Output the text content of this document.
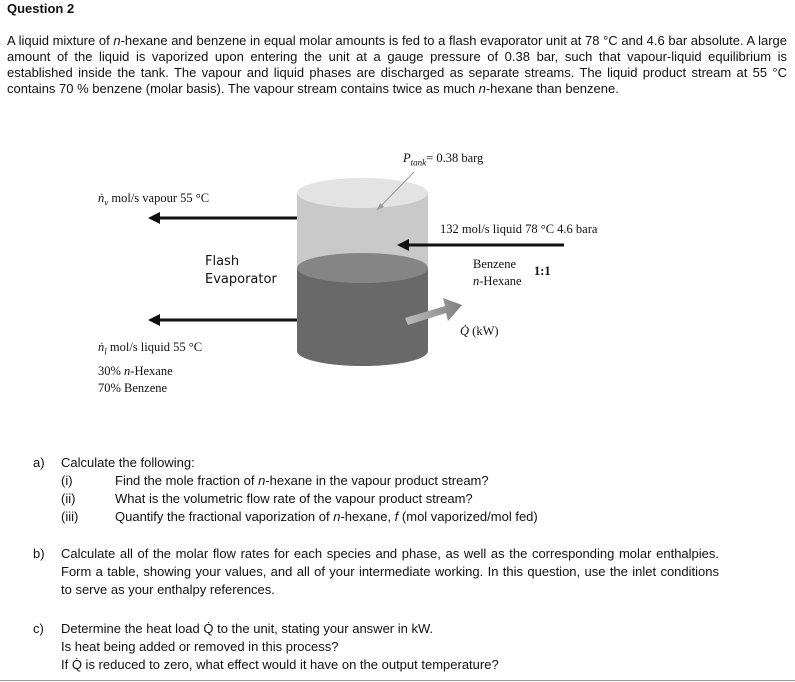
Question 2
A liquid mixture of n-hexane and benzene in equal molar amounts is fed to a flash evaporator unit at 78 °C and 4.6 bar absolute. A large amount of the liquid is vaporized upon entering the unit at a gauge pressure of 0.38 bar, such that vapour-liquid equilibrium is established inside the tank. The vapour and liquid phases are discharged as separate streams. The liquid product stream at 55 °C contains 70 % benzene (molar basis). The vapour stream contains twice as much n-hexane than benzene.
$P_{tank}= 0.38$ barg
ṅ$_v$ mol/s vapour 55 °C
Flash
Evaporator
132 mol/s liquid 78 °C 4.6 bara
Benzene
n-Hexane
1:1
Q̇ (kW)
ṅ$_l$ mol/s liquid 55 °C
30% n-Hexane
70% Benzene
a) Calculate the following:
(i)	Find the mole fraction of n-hexane in the vapour product stream?
(ii)	What is the volumetric flow rate of the vapour product stream?
(iii)	Quantify the fractional vaporization of n-hexane, f (mol vaporized/mol fed)
b) Calculate all of the molar flow rates for each species and phase, as well as the corresponding molar enthalpies. Form a table, showing your values, and all of your intermediate working. In this question, use the inlet conditions to serve as your enthalpy references.
c) Determine the heat load Q̇ to the unit, stating your answer in kW.
Is heat being added or removed in this process?
If Q̇ is reduced to zero, what effect would it have on the output temperature?
